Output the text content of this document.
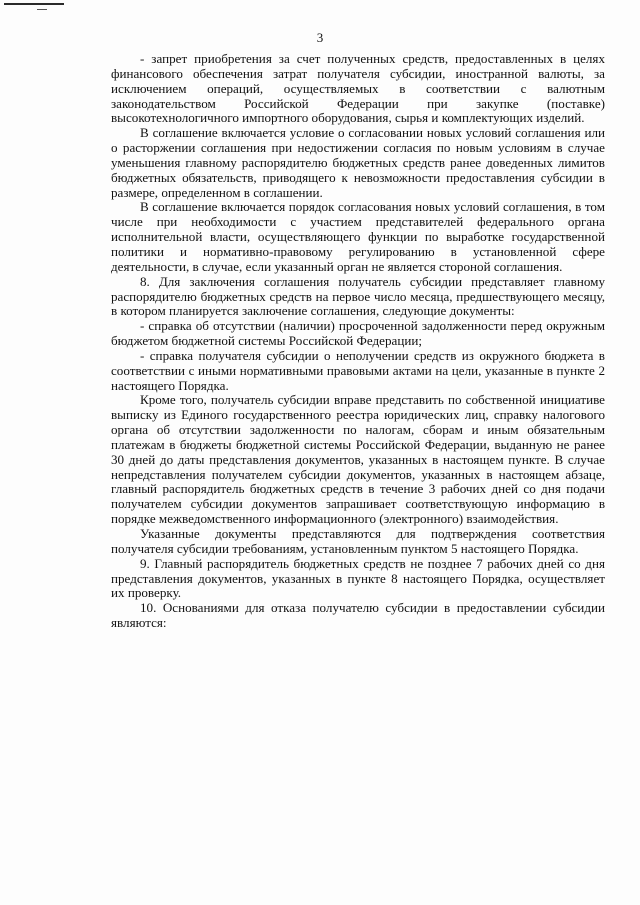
3

- запрет приобретения за счет полученных средств, предоставленных в целях финансового обеспечения затрат получателя субсидии, иностранной валюты, за исключением операций, осуществляемых в соответствии с валютным законодательством Российской Федерации при закупке (поставке) высокотехнологичного импортного оборудования, сырья и комплектующих изделий.

В соглашение включается условие о согласовании новых условий соглашения или о расторжении соглашения при недостижении согласия по новым условиям в случае уменьшения главному распорядителю бюджетных средств ранее доведенных лимитов бюджетных обязательств, приводящего к невозможности предоставления субсидии в размере, определенном в соглашении.

В соглашение включается порядок согласования новых условий соглашения, в том числе при необходимости с участием представителей федерального органа исполнительной власти, осуществляющего функции по выработке государственной политики и нормативно-правовому регулированию в установленной сфере деятельности, в случае, если указанный орган не является стороной соглашения.

8. Для заключения соглашения получатель субсидии представляет главному распорядителю бюджетных средств на первое число месяца, предшествующего месяцу, в котором планируется заключение соглашения, следующие документы:

- справка об отсутствии (наличии) просроченной задолженности перед окружным бюджетом бюджетной системы Российской Федерации;

- справка получателя субсидии о неполучении средств из окружного бюджета в соответствии с иными нормативными правовыми актами на цели, указанные в пункте 2 настоящего Порядка.

Кроме того, получатель субсидии вправе представить по собственной инициативе выписку из Единого государственного реестра юридических лиц, справку налогового органа об отсутствии задолженности по налогам, сборам и иным обязательным платежам в бюджеты бюджетной системы Российской Федерации, выданную не ранее 30 дней до даты представления документов, указанных в настоящем пункте. В случае непредставления получателем субсидии документов, указанных в настоящем абзаце, главный распорядитель бюджетных средств в течение 3 рабочих дней со дня подачи получателем субсидии документов запрашивает соответствующую информацию в порядке межведомственного информационного (электронного) взаимодействия.

Указанные документы представляются для подтверждения соответствия получателя субсидии требованиям, установленным пунктом 5 настоящего Порядка.

9. Главный распорядитель бюджетных средств не позднее 7 рабочих дней со дня представления документов, указанных в пункте 8 настоящего Порядка, осуществляет их проверку.

10. Основаниями для отказа получателю субсидии в предоставлении субсидии являются:
